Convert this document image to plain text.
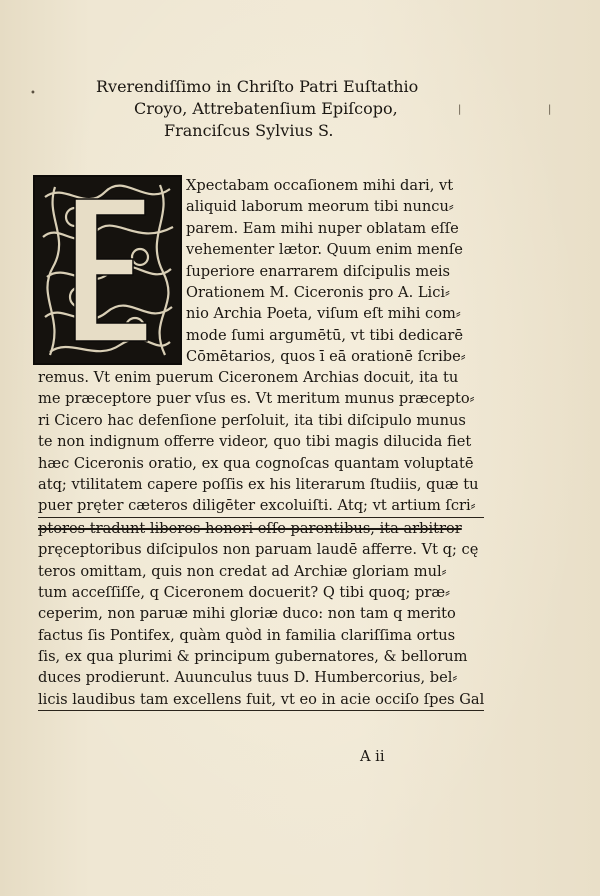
•
|	|
Rverendiſſimo in Chriſto Patri Euſtathio
Croyo, Attrebatenſium Epiſcopo,
Franciſcus Sylvius S.
Xpectabam occaſionem mihi dari, vt
aliquid laborum meorum tibi nuncu⸗
parem. Eam mihi nuper oblatam eſſe
vehementer lætor. Quum enim menſe
ſuperiore enarrarem diſcipulis meis
Orationem M. Ciceronis pro A. Lici⸗
nio Archia Poeta, viſum eſt mihi com⸗
mode ſumi argumētū, vt tibi dedicarē
Cōmētarios, quos ī eā orationē ſcribe⸗
remus. Vt enim puerum Ciceronem Archias docuit, ita tu
me præceptore puer vſus es. Vt meritum munus præcepto⸗
ri Cicero hac defenſione perſoluit, ita tibi diſcipulo munus
te non indignum offerre videor, quo tibi magis dilucida fiet
hæc Ciceronis oratio, ex qua cognoſcas quantam voluptatē
atq; vtilitatem capere poſſis ex his literarum ſtudiis, quæ tu
puer pręter cæteros diligēter excoluiſti. Atq; vt artium ſcri⸗
ptores tradunt liberos honori eſſe parentibus, ita arbitror
pręceptoribus diſcipulos non paruam laudē afferre. Vt q; cę
teros omittam, quis non credat ad Archiæ gloriam mul⸗
tum acceſſiſſe, q Ciceronem docuerit? Q tibi quoq; præ⸗
ceperim, non paruæ mihi gloriæ duco: non tam q merito
factus ſis Pontifex, quàm quòd in familia clariſſima ortus
ſis, ex qua plurimi & principum gubernatores, & bellorum
duces prodierunt. Auunculus tuus D. Humbercorius, bel⸗
licis laudibus tam excellens fuit, vt eo in acie occiſo ſpes Gal
A ii
